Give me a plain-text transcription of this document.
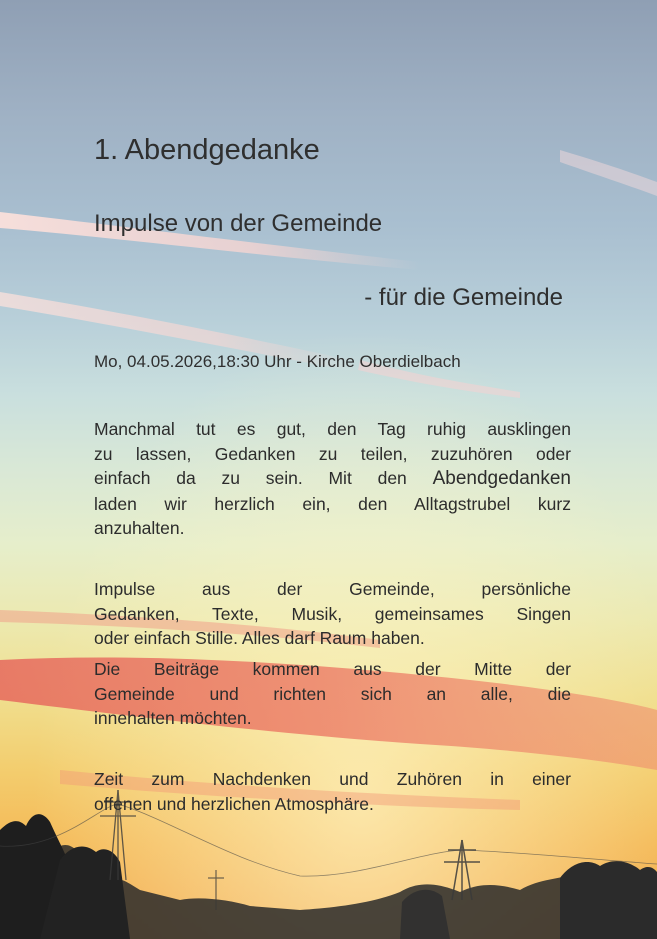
1. Abendgedanke
Impulse von der Gemeinde
- für die Gemeinde
Mo, 04.05.2026,18:30 Uhr - Kirche Oberdielbach
Manchmal tut es gut, den Tag ruhig ausklingen
zu lassen, Gedanken zu teilen, zuzuhören oder
einfach da zu sein. Mit den Abendgedanken
laden wir herzlich ein, den Alltagstrubel kurz
anzuhalten.
Impulse aus der Gemeinde, persönliche
Gedanken, Texte, Musik, gemeinsames Singen
oder einfach Stille. Alles darf Raum haben.
Die Beiträge kommen aus der Mitte der
Gemeinde und richten sich an alle, die
innehalten möchten.
Zeit zum Nachdenken und Zuhören in einer
offenen und herzlichen Atmosphäre.
